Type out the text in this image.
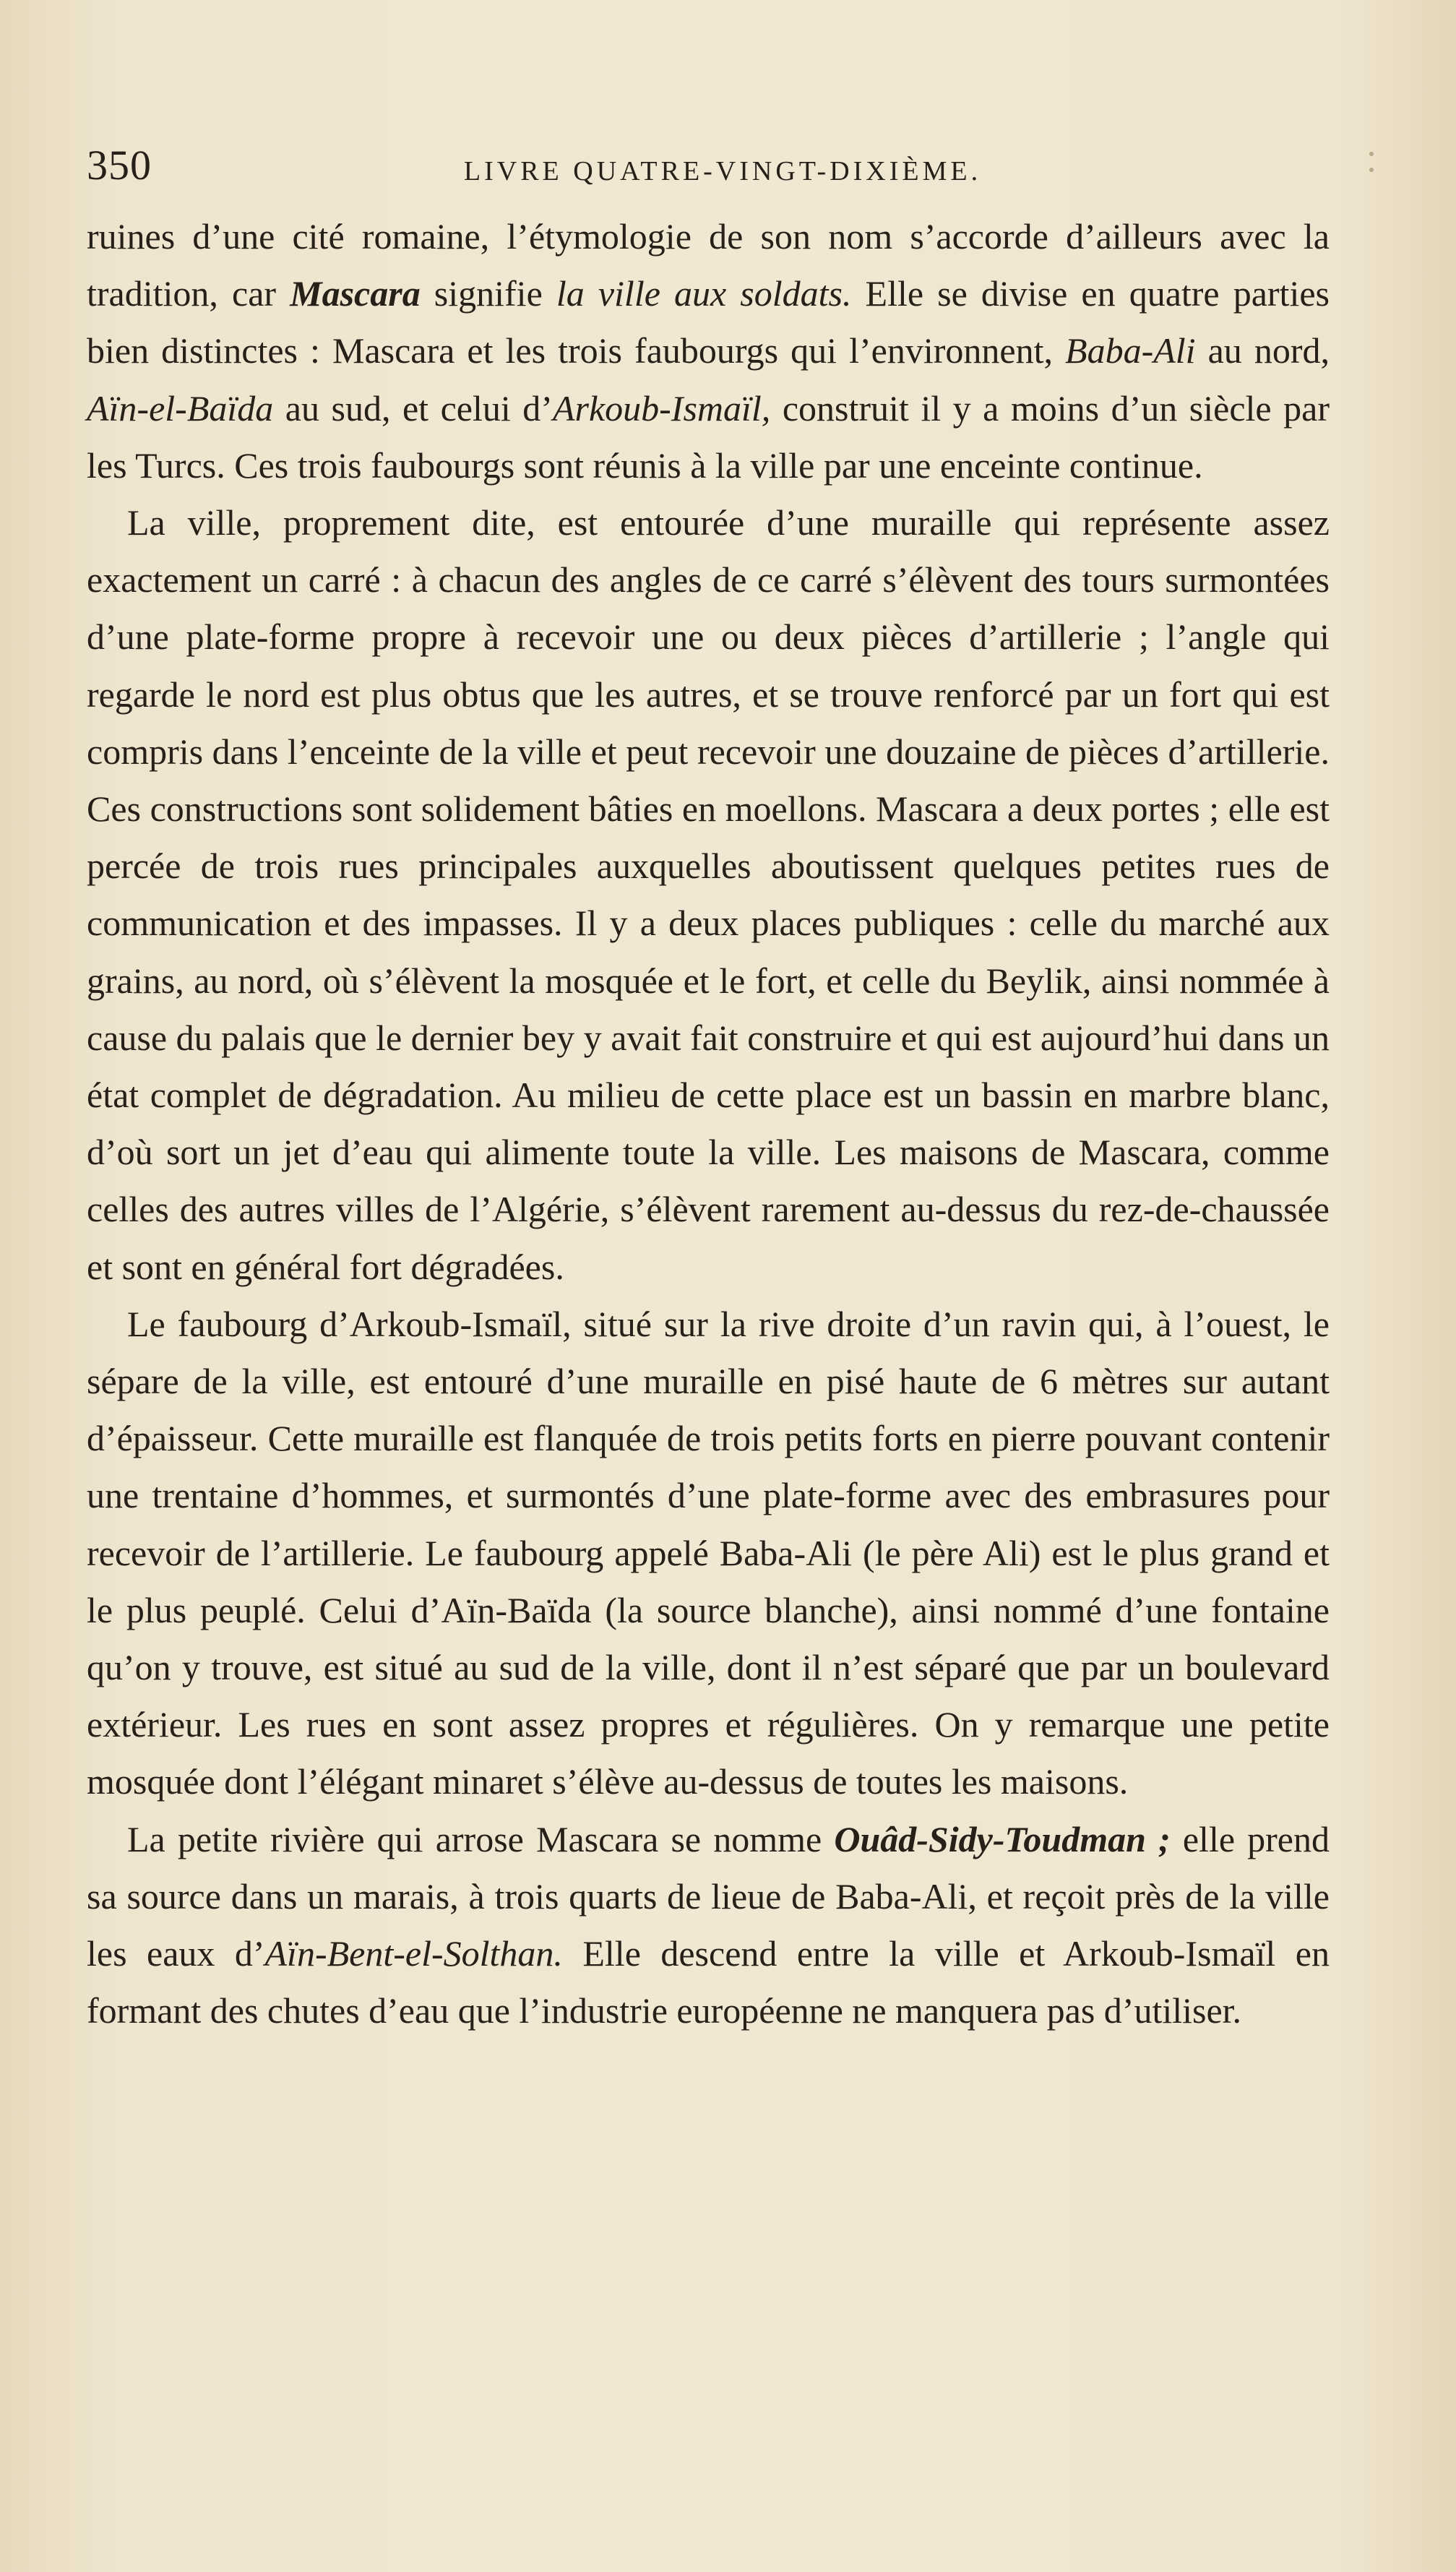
350	LIVRE QUATRE-VINGT-DIXIÈME.

ruines d’une cité romaine, l’étymologie de son nom s’accorde d’ailleurs avec la tradition, car Mascara signifie la ville aux soldats. Elle se divise en quatre parties bien distinctes : Mascara et les trois faubourgs qui l’environnent, Baba-Ali au nord, Aïn-el-Baïda au sud, et celui d’Arkoub-Ismaïl, construit il y a moins d’un siècle par les Turcs. Ces trois faubourgs sont réunis à la ville par une enceinte continue.

La ville, proprement dite, est entourée d’une muraille qui représente assez exactement un carré : à chacun des angles de ce carré s’élèvent des tours surmontées d’une plate-forme propre à recevoir une ou deux pièces d’artillerie ; l’angle qui regarde le nord est plus obtus que les autres, et se trouve renforcé par un fort qui est compris dans l’enceinte de la ville et peut recevoir une douzaine de pièces d’artillerie. Ces constructions sont solidement bâties en moellons. Mascara a deux portes ; elle est percée de trois rues principales auxquelles aboutissent quelques petites rues de communication et des impasses. Il y a deux places publiques : celle du marché aux grains, au nord, où s’élèvent la mosquée et le fort, et celle du Beylik, ainsi nommée à cause du palais que le dernier bey y avait fait construire et qui est aujourd’hui dans un état complet de dégradation. Au milieu de cette place est un bassin en marbre blanc, d’où sort un jet d’eau qui alimente toute la ville. Les maisons de Mascara, comme celles des autres villes de l’Algérie, s’élèvent rarement au-dessus du rez-de-chaussée et sont en général fort dégradées.

Le faubourg d’Arkoub-Ismaïl, situé sur la rive droite d’un ravin qui, à l’ouest, le sépare de la ville, est entouré d’une muraille en pisé haute de 6 mètres sur autant d’épaisseur. Cette muraille est flanquée de trois petits forts en pierre pouvant contenir une trentaine d’hommes, et surmontés d’une plate-forme avec des embrasures pour recevoir de l’artillerie. Le faubourg appelé Baba-Ali (le père Ali) est le plus grand et le plus peuplé. Celui d’Aïn-Baïda (la source blanche), ainsi nommé d’une fontaine qu’on y trouve, est situé au sud de la ville, dont il n’est séparé que par un boulevard extérieur. Les rues en sont assez propres et régulières. On y remarque une petite mosquée dont l’élégant minaret s’élève au-dessus de toutes les maisons.

La petite rivière qui arrose Mascara se nomme Ouâd-Sidy-Toudman ; elle prend sa source dans un marais, à trois quarts de lieue de Baba-Ali, et reçoit près de la ville les eaux d’Aïn-Bent-el-Solthan. Elle descend entre la ville et Arkoub-Ismaïl en formant des chutes d’eau que l’industrie européenne ne manquera pas d’utiliser.
